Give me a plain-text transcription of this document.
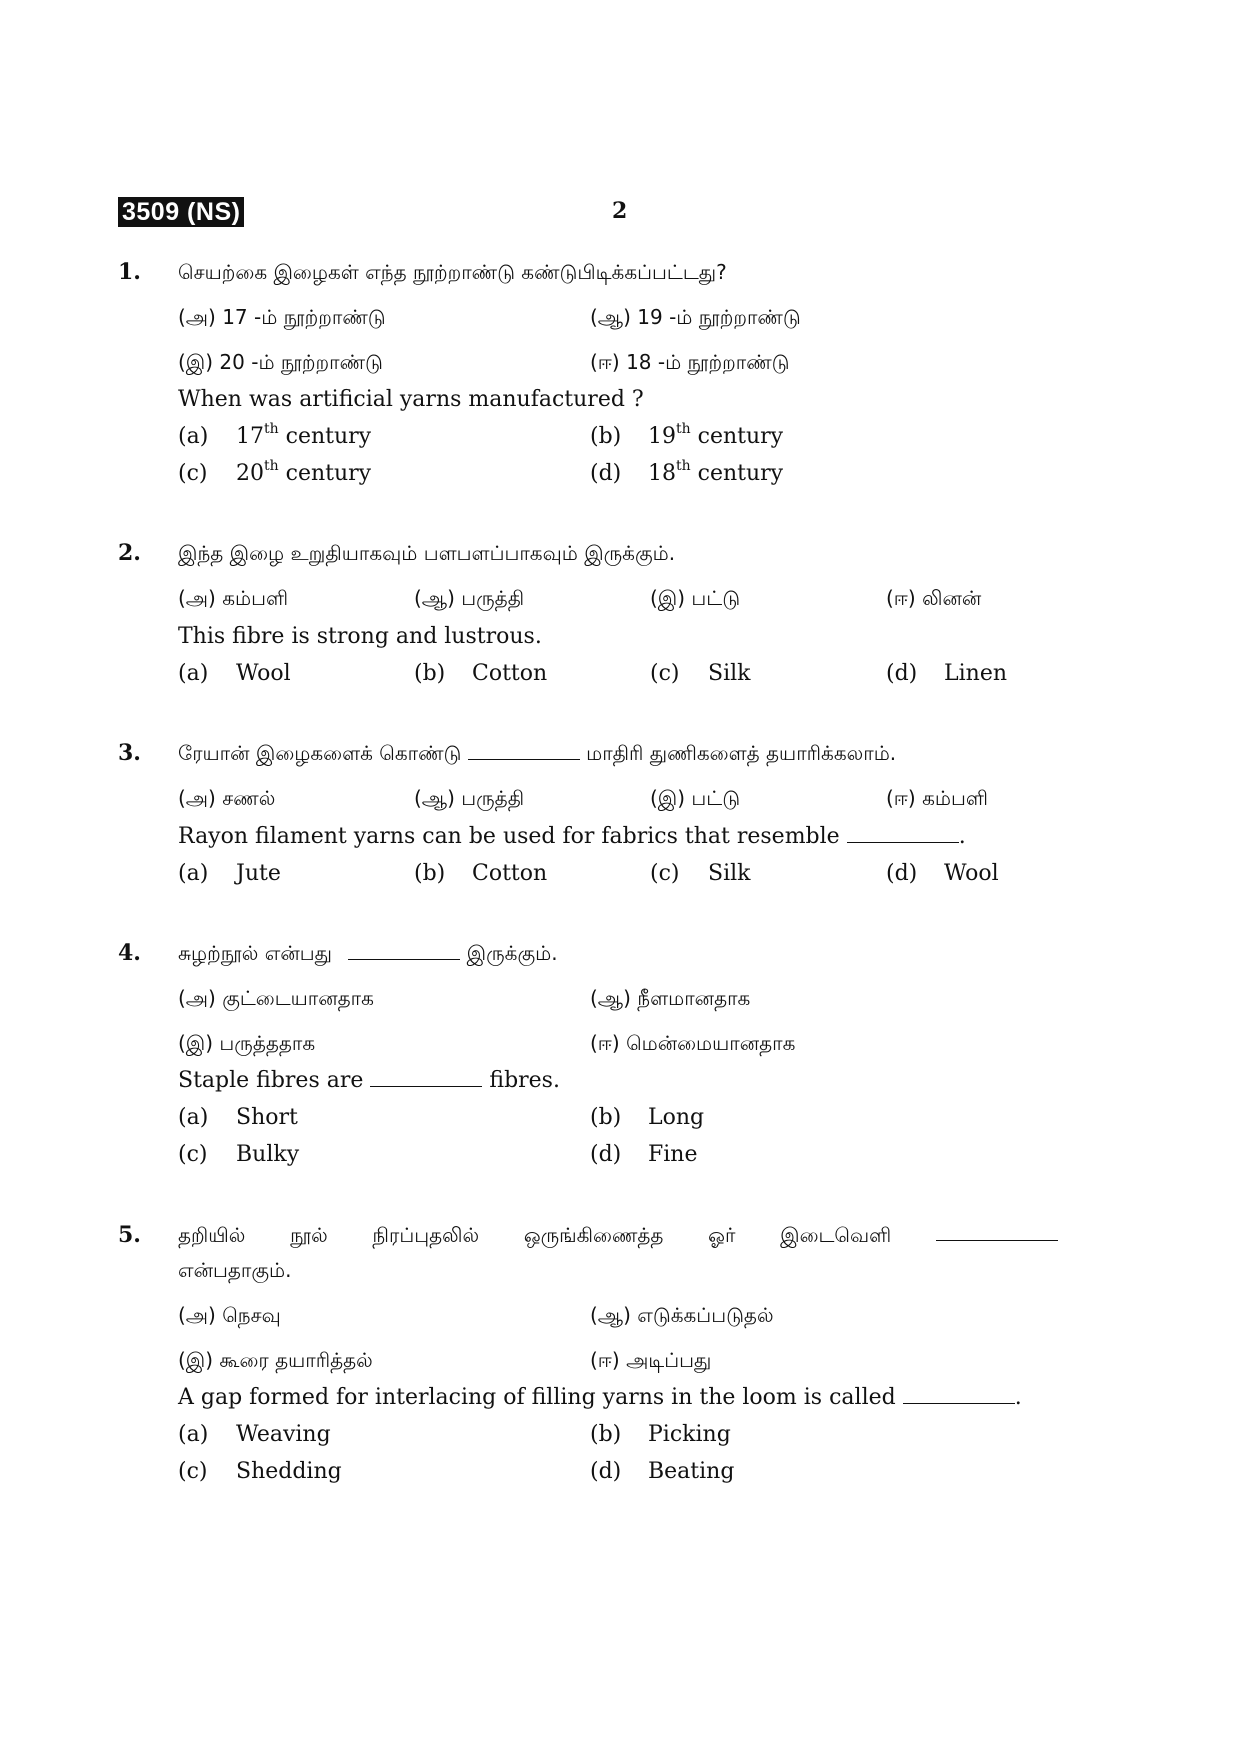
3509 (NS)	2
1. செயற்கை இழைகள் எந்த நூற்றாண்டு கண்டுபிடிக்கப்பட்டது?
(அ) 17 -ம் நூற்றாண்டு	(ஆ) 19 -ம் நூற்றாண்டு
(இ) 20 -ம் நூற்றாண்டு	(ஈ) 18 -ம் நூற்றாண்டு
When was artificial yarns manufactured ?
(a) 17th century	(b) 19th century
(c) 20th century	(d) 18th century
2. இந்த இழை உறுதியாகவும் பளபளப்பாகவும் இருக்கும்.
(அ) கம்பளி	(ஆ) பருத்தி	(இ) பட்டு	(ஈ) லினன்
This fibre is strong and lustrous.
(a) Wool	(b) Cotton	(c) Silk	(d) Linen
3. ரேயான் இழைகளைக் கொண்டு	மாதிரி துணிகளைத் தயாரிக்கலாம்.
(அ) சணல்	(ஆ) பருத்தி	(இ) பட்டு	(ஈ) கம்பளி
Rayon filament yarns can be used for fabrics that resemble	.
(a) Jute	(b) Cotton	(c) Silk	(d) Wool
4. சுழற்நூல் என்பது	இருக்கும்.
(அ) குட்டையானதாக	(ஆ) நீளமானதாக
(இ) பருத்ததாக	(ஈ) மென்மையானதாக
Staple fibres are	fibres.
(a) Short	(b) Long
(c) Bulky	(d) Fine
5. தறியில் நூல் நிரப்புதலில் ஒருங்கிணைத்த ஓர் இடைவெளி
என்பதாகும்.
(அ) நெசவு	(ஆ) எடுக்கப்படுதல்
(இ) கூரை தயாரித்தல்	(ஈ) அடிப்பது
A gap formed for interlacing of filling yarns in the loom is called	.
(a) Weaving	(b) Picking
(c) Shedding	(d) Beating
